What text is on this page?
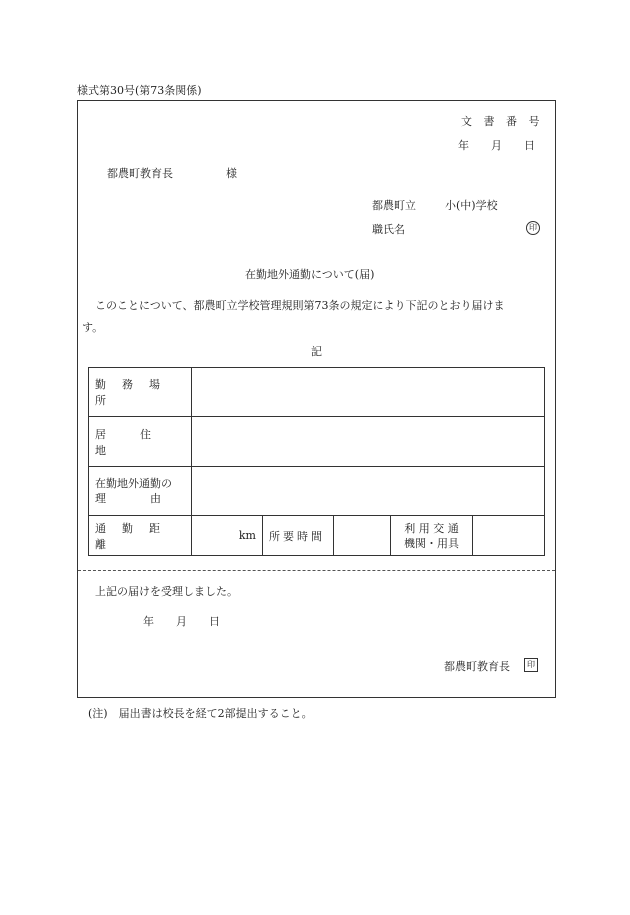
様式第30号(第73条関係)
文 書 番 号
年　　月　　日
都農町教育長	様
都農町立	小(中)学校
職氏名	印
在勤地外通勤について(届)
このことについて、都農町立学校管理規則第73条の規定により下記のとおり届けま
す。
記
勤務場所					
居住地					

在勤地外通勤の
理　　　　由					

通勤距離	km	所要時間		利 用 交 通
機関・用具	

上記の届けを受理しました。
年　　月　　日
都農町教育長	印
(注)　届出書は校長を経て2部提出すること。
